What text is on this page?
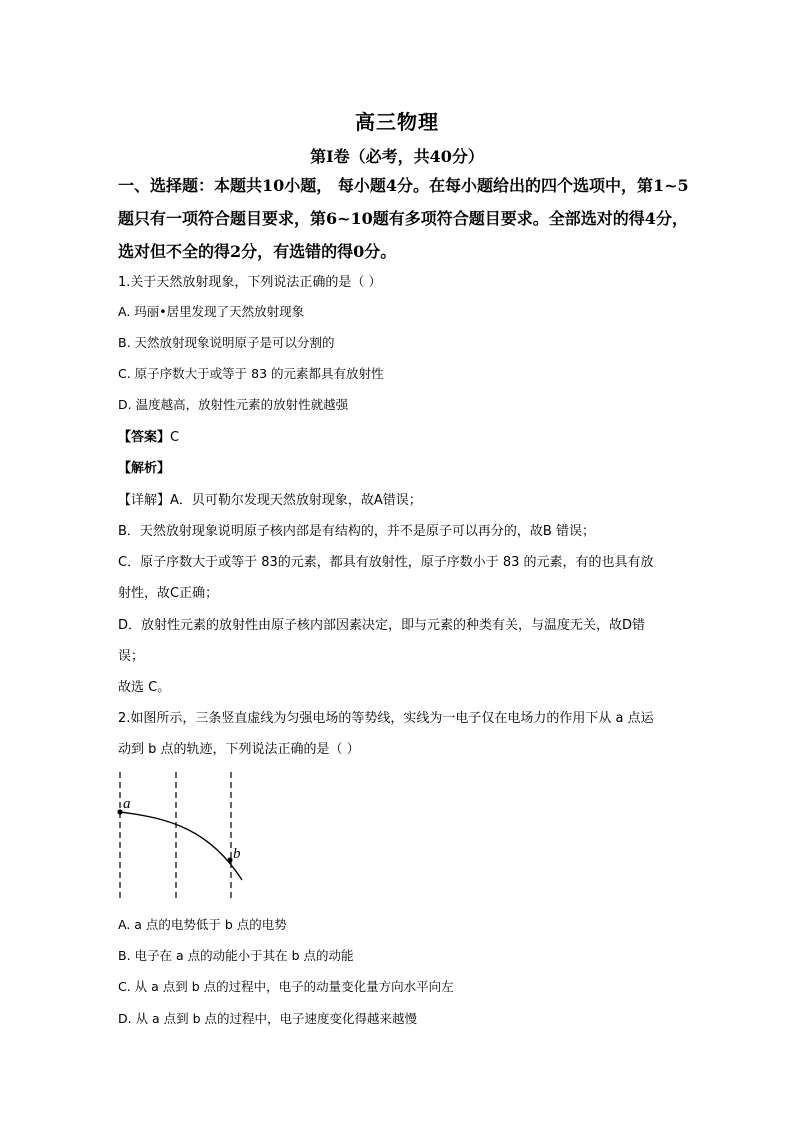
高三物理
第I卷（必考，共40分）
一、选择题：本题共10小题， 每小题4分。在每小题给出的四个选项中，第1~5
题只有一项符合题目要求，第6~10题有多项符合题目要求。全部选对的得4分，
选对但不全的得2分，有选错的得0分。
1.关于天然放射现象，下列说法正确的是（ ）
A. 玛丽•居里发现了天然放射现象
B. 天然放射现象说明原子是可以分割的
C. 原子序数大于或等于 83 的元素都具有放射性
D. 温度越高，放射性元素的放射性就越强
【答案】C
【解析】
【详解】A．贝可勒尔发现天然放射现象，故A错误；
B．天然放射现象说明原子核内部是有结构的，并不是原子可以再分的，故B 错误；
C．原子序数大于或等于 83的元素，都具有放射性，原子序数小于 83 的元素，有的也具有放
射性，故C正确；
D．放射性元素的放射性由原子核内部因素决定，即与元素的种类有关，与温度无关，故D错
误；
故选 C。
2.如图所示，三条竖直虚线为匀强电场的等势线，实线为一电子仅在电场力的作用下从 a 点运
动到 b 点的轨迹，下列说法正确的是（ ）
a
b
A. a 点的电势低于 b 点的电势
B. 电子在 a 点的动能小于其在 b 点的动能
C. 从 a 点到 b 点的过程中，电子的动量变化量方向水平向左
D. 从 a 点到 b 点的过程中，电子速度变化得越来越慢
